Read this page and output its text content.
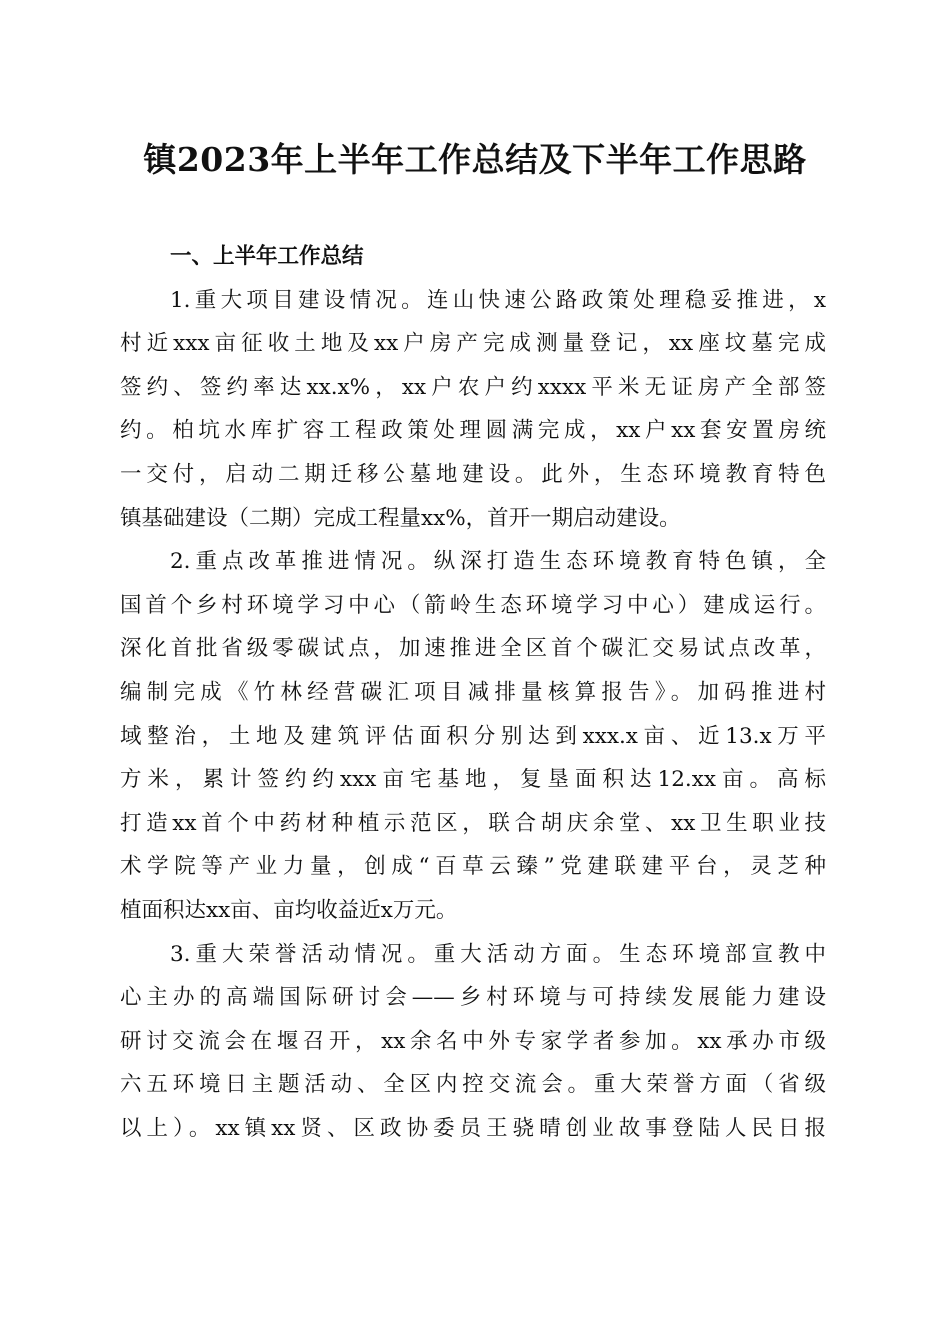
镇2023年上半年工作总结及下半年工作思路
一、上半年工作总结
1.重大项目建设情况。连山快速公路政策处理稳妥推进，x
村近xxx亩征收土地及xx户房产完成测量登记，xx座坟墓完成
签约、签约率达xx.x%，xx户农户约xxxx平米无证房产全部签
约。柏坑水库扩容工程政策处理圆满完成，xx户xx套安置房统
一交付，启动二期迁移公墓地建设。此外，生态环境教育特色
镇基础建设（二期）完成工程量xx%，首开一期启动建设。
2.重点改革推进情况。纵深打造生态环境教育特色镇，全
国首个乡村环境学习中心（箭岭生态环境学习中心）建成运行。
深化首批省级零碳试点，加速推进全区首个碳汇交易试点改革，
编制完成《竹林经营碳汇项目减排量核算报告》。加码推进村
域整治，土地及建筑评估面积分别达到xxx.x亩、近13.x万平
方米，累计签约约xxx亩宅基地，复垦面积达12.xx亩。高标
打造xx首个中药材种植示范区，联合胡庆余堂、xx卫生职业技
术学院等产业力量，创成“百草云臻”党建联建平台，灵芝种
植面积达xx亩、亩均收益近x万元。
3.重大荣誉活动情况。重大活动方面。生态环境部宣教中
心主办的高端国际研讨会——乡村环境与可持续发展能力建设
研讨交流会在堰召开，xx余名中外专家学者参加。xx承办市级
六五环境日主题活动、全区内控交流会。重大荣誉方面（省级
以上）。xx镇xx贤、区政协委员王骁晴创业故事登陆人民日报
